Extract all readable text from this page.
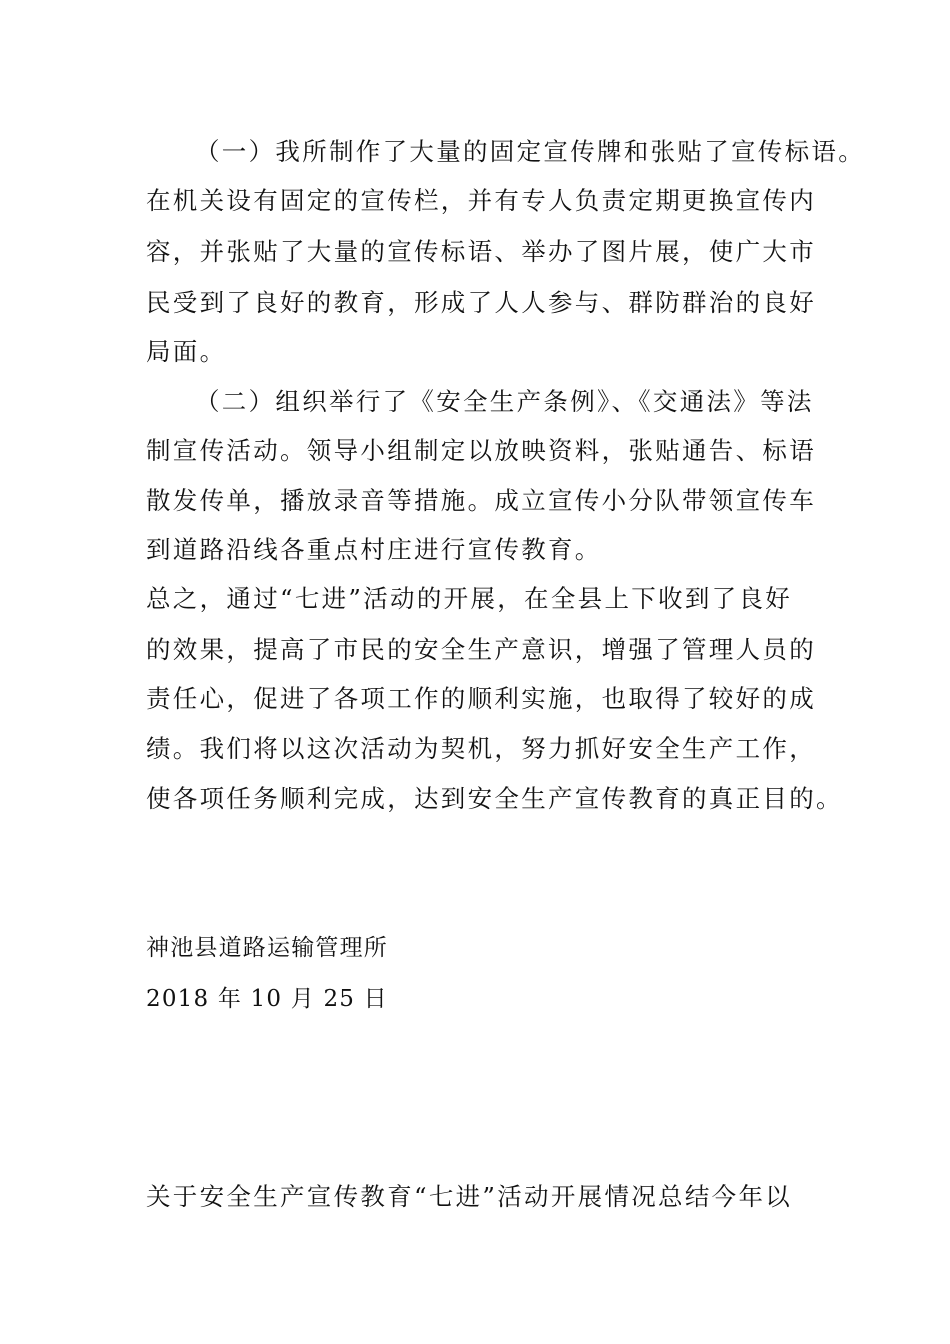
（一）我所制作了大量的固定宣传牌和张贴了宣传标语。
在机关设有固定的宣传栏，并有专人负责定期更换宣传内
容，并张贴了大量的宣传标语、举办了图片展，使广大市
民受到了良好的教育，形成了人人参与、群防群治的良好
局面。
（二）组织举行了《安全生产条例》、《交通法》等法
制宣传活动。领导小组制定以放映资料，张贴通告、标语
散发传单，播放录音等措施。成立宣传小分队带领宣传车
到道路沿线各重点村庄进行宣传教育。
总之，通过“七进”活动的开展，在全县上下收到了良好
的效果，提高了市民的安全生产意识，增强了管理人员的
责任心，促进了各项工作的顺利实施，也取得了较好的成
绩。我们将以这次活动为契机，努力抓好安全生产工作，
使各项任务顺利完成，达到安全生产宣传教育的真正目的。
神池县道路运输管理所
2018 年 10 月 25 日
关于安全生产宣传教育“七进”活动开展情况总结今年以
